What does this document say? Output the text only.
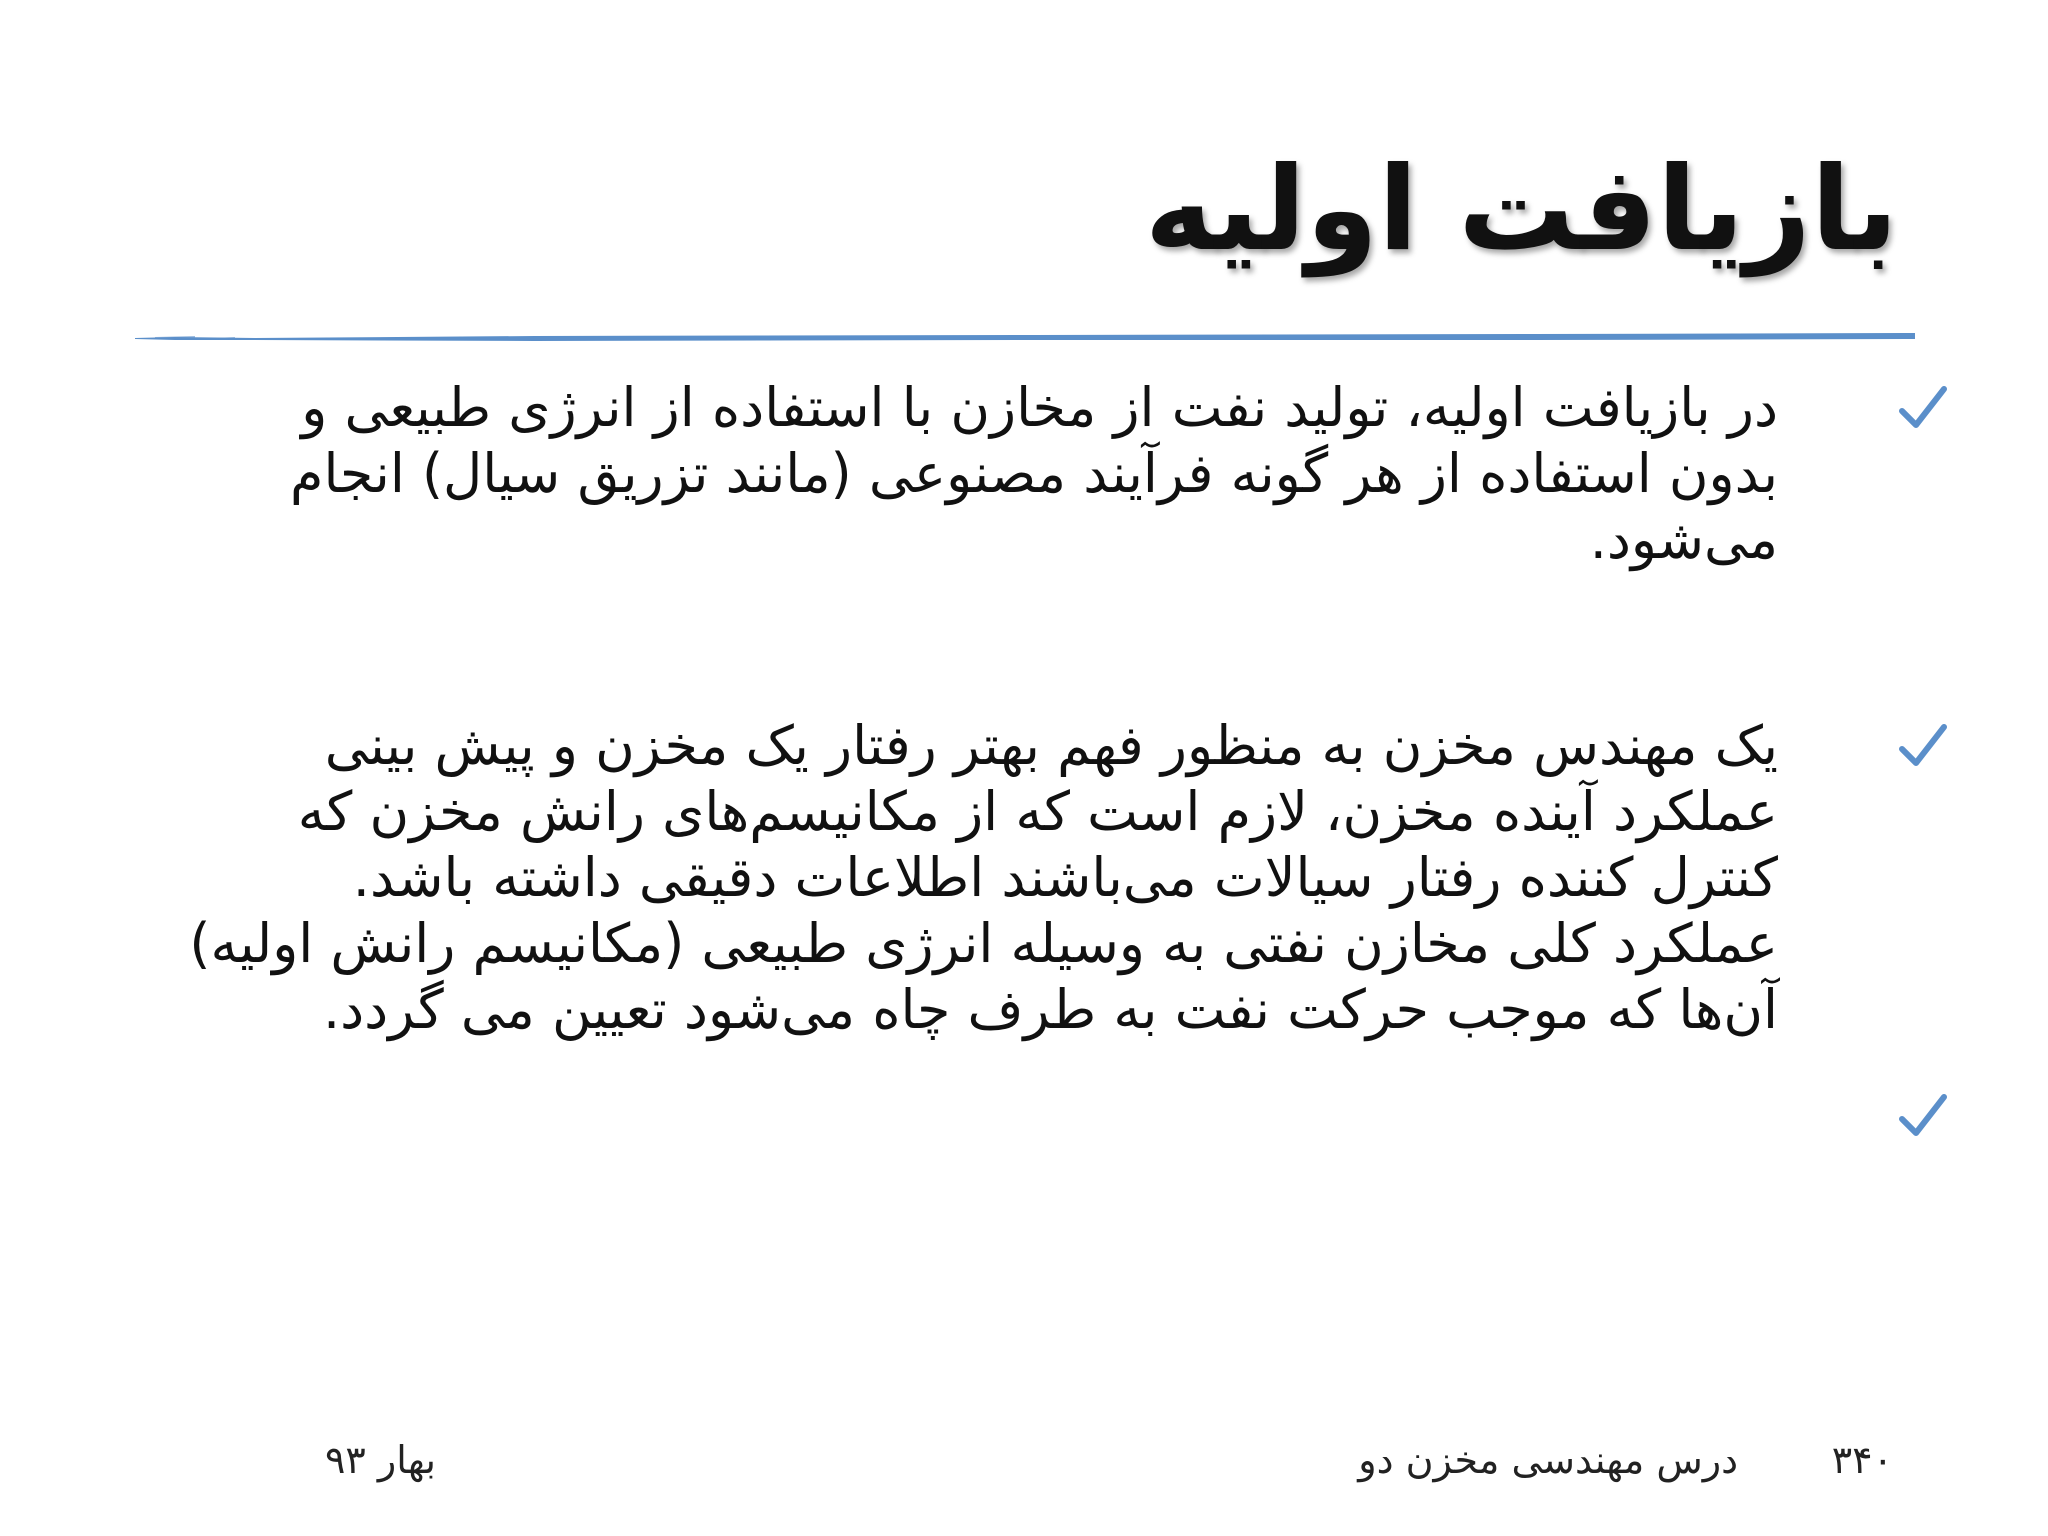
بازیافت اولیه
در بازیافت اولیه، تولید نفت از مخازن با استفاده از انرژی طبیعی و بدون استفاده از هر گونه فرآیند مصنوعی (مانند تزریق سیال) انجام می‌شود.
یک مهندس مخزن به منظور فهم بهتر رفتار یک مخزن و پیش بینی عملکرد آینده مخزن، لازم است که از مکانیسم‌های رانش مخزن که کنترل کننده رفتار سیالات می‌باشند اطلاعات دقیقی داشته باشد. عملکرد کلی مخازن نفتی به وسیله انرژی طبیعی (مکانیسم رانش اولیه) آن‌ها که موجب حرکت نفت به طرف چاه می‌شود تعیین می گردد.
۳۴۰
درس مهندسی مخزن دو
بهار ۹۳
